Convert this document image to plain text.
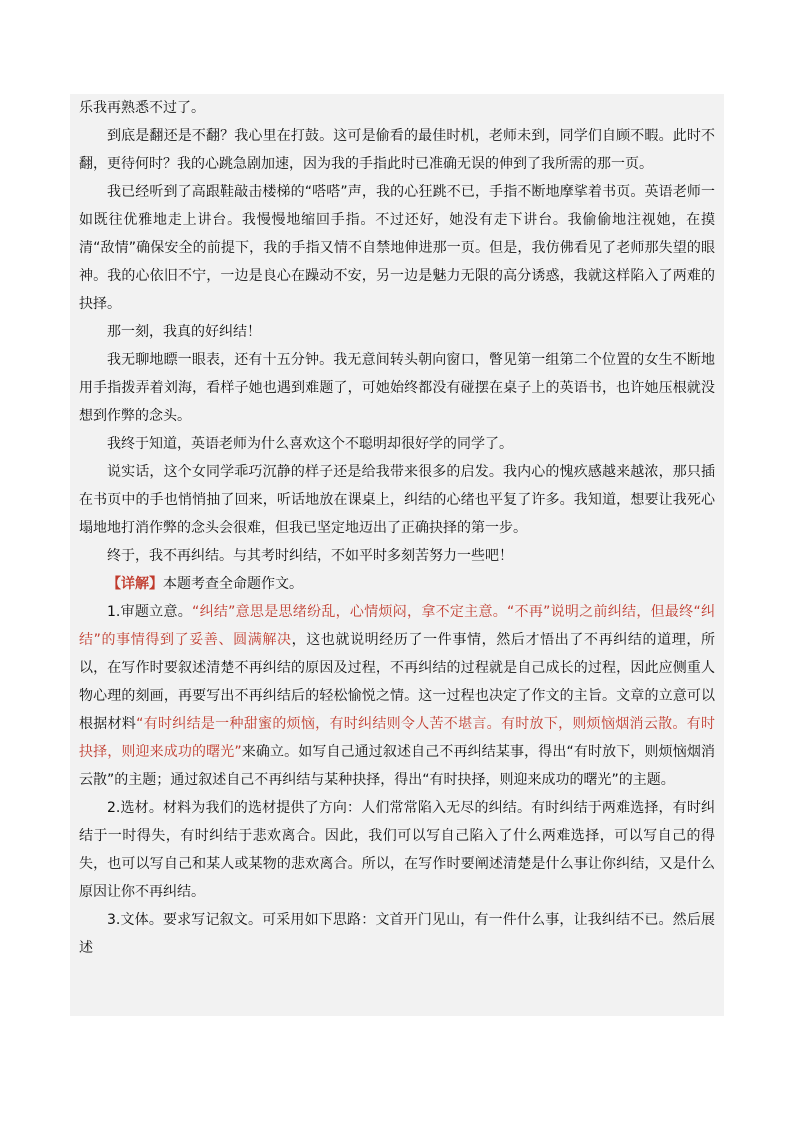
乐我再熟悉不过了。

到底是翻还是不翻？我心里在打鼓。这可是偷看的最佳时机，老师未到，同学们自顾不暇。此时不翻，更待何时？我的心跳急剧加速，因为我的手指此时已准确无误的伸到了我所需的那一页。

我已经听到了高跟鞋敲击楼梯的“嗒嗒”声，我的心狂跳不已，手指不断地摩挲着书页。英语老师一如既往优雅地走上讲台。我慢慢地缩回手指。不过还好，她没有走下讲台。我偷偷地注视她，在摸清“敌情”确保安全的前提下，我的手指又情不自禁地伸进那一页。但是，我仿佛看见了老师那失望的眼神。我的心依旧不宁，一边是良心在躁动不安，另一边是魅力无限的高分诱惑，我就这样陷入了两难的抉择。

那一刻，我真的好纠结！

我无聊地瞟一眼表，还有十五分钟。我无意间转头朝向窗口，瞥见第一组第二个位置的女生不断地用手指拨弄着刘海，看样子她也遇到难题了，可她始终都没有碰摆在桌子上的英语书，也许她压根就没想到作弊的念头。

我终于知道，英语老师为什么喜欢这个不聪明却很好学的同学了。

说实话，这个女同学乖巧沉静的样子还是给我带来很多的启发。我内心的愧疚感越来越浓，那只插在书页中的手也悄悄抽了回来，听话地放在课桌上，纠结的心绪也平复了许多。我知道，想要让我死心塌地地打消作弊的念头会很难，但我已坚定地迈出了正确抉择的第一步。

终于，我不再纠结。与其考时纠结，不如平时多刻苦努力一些吧！

【详解】本题考查全命题作文。

1.审题立意。“纠结”意思是思绪纷乱，心情烦闷，拿不定主意。“不再”说明之前纠结，但最终“纠结”的事情得到了妥善、圆满解决，这也就说明经历了一件事情，然后才悟出了不再纠结的道理，所以，在写作时要叙述清楚不再纠结的原因及过程，不再纠结的过程就是自己成长的过程，因此应侧重人物心理的刻画，再要写出不再纠结后的轻松愉悦之情。这一过程也决定了作文的主旨。文章的立意可以根据材料“有时纠结是一种甜蜜的烦恼，有时纠结则令人苦不堪言。有时放下，则烦恼烟消云散。有时抉择，则迎来成功的曙光”来确立。如写自己通过叙述自己不再纠结某事，得出“有时放下，则烦恼烟消云散”的主题；通过叙述自己不再纠结与某种抉择，得出“有时抉择，则迎来成功的曙光”的主题。

2.选材。材料为我们的选材提供了方向：人们常常陷入无尽的纠结。有时纠结于两难选择，有时纠结于一时得失，有时纠结于悲欢离合。因此，我们可以写自己陷入了什么两难选择，可以写自己的得失，也可以写自己和某人或某物的悲欢离合。所以，在写作时要阐述清楚是什么事让你纠结，又是什么原因让你不再纠结。

3.文体。要求写记叙文。可采用如下思路：文首开门见山，有一件什么事，让我纠结不已。然后展述
